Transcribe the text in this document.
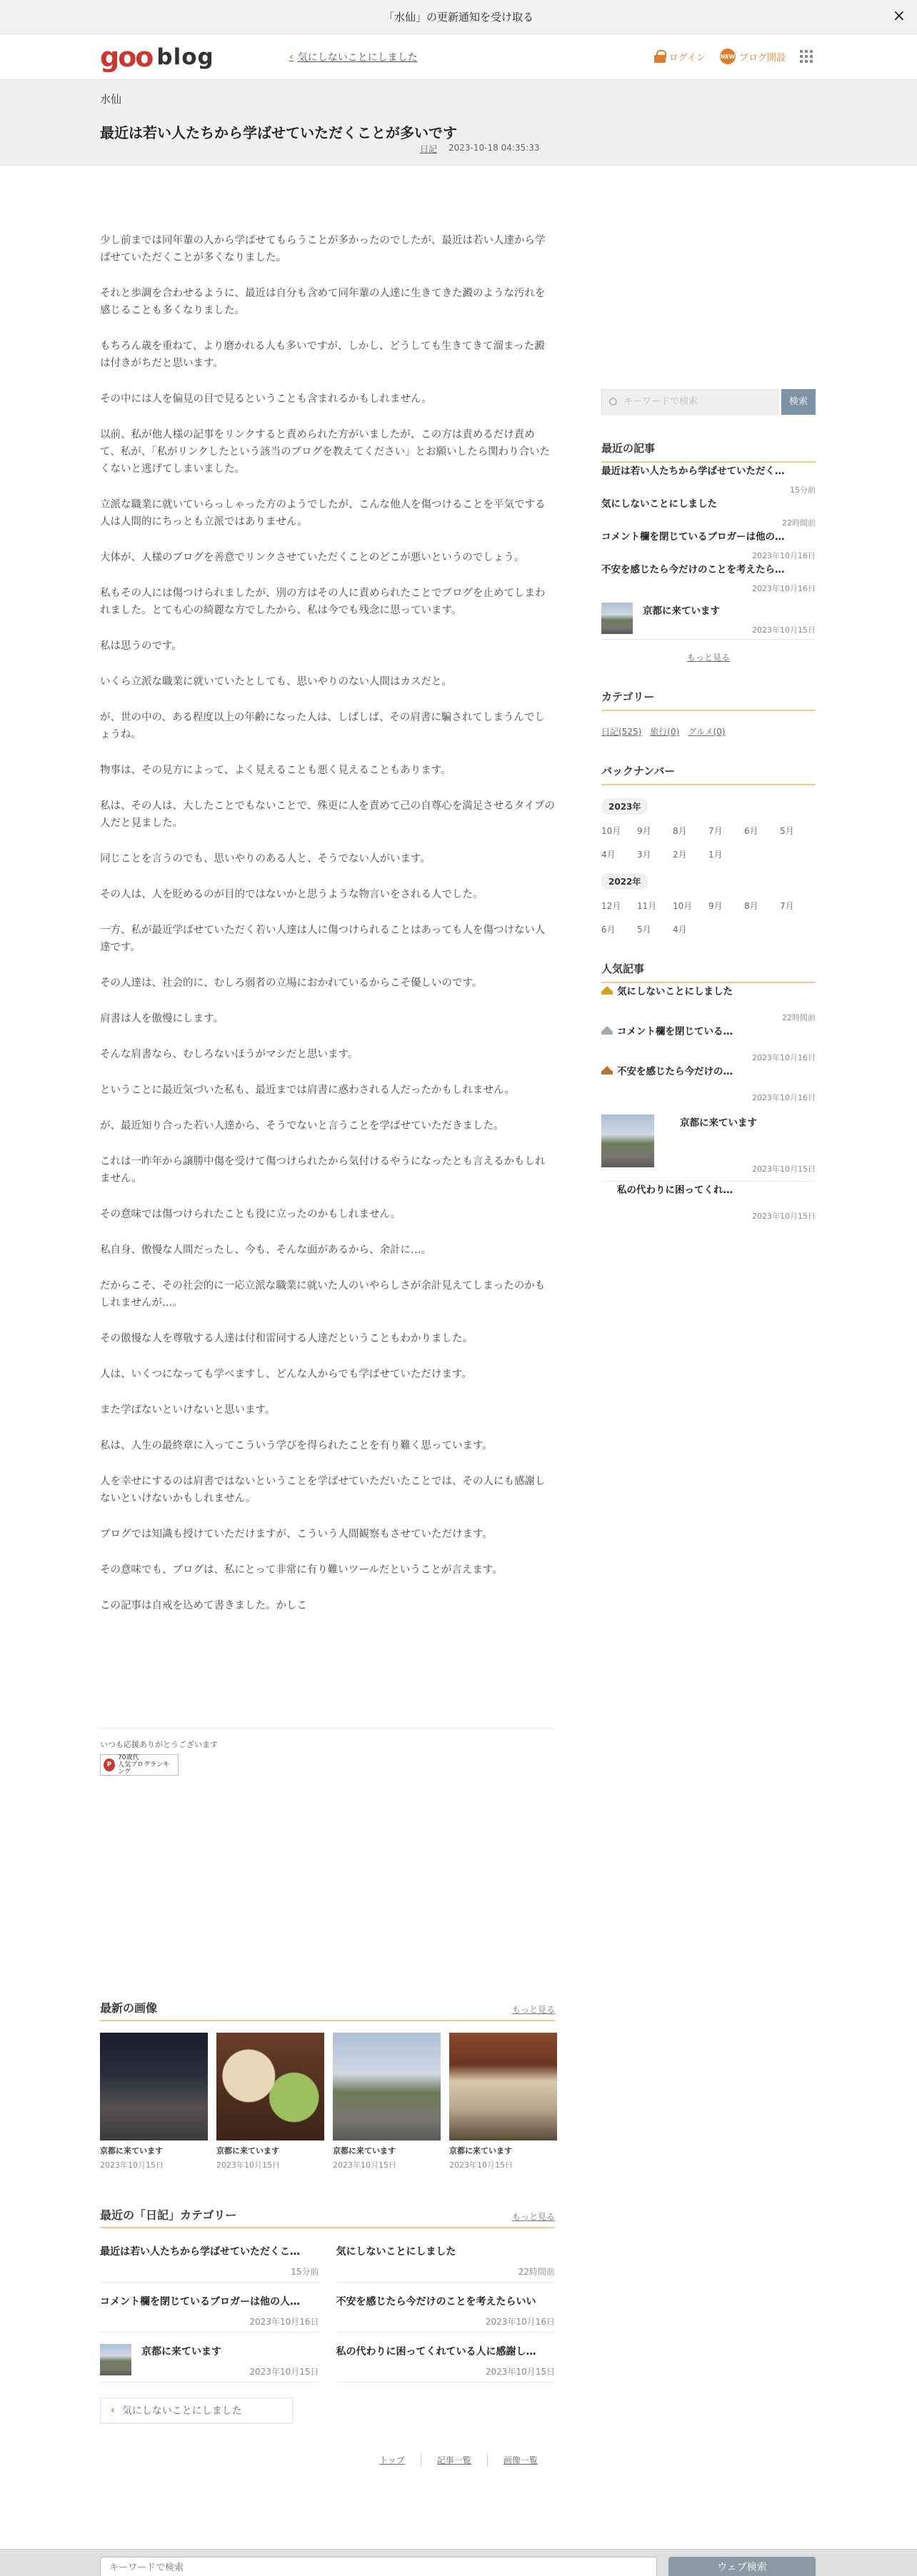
「水仙」の更新通知を受け取る	×
goo blog	‹ 気にしないことにしました	ログイン	NEW ブログ開設
水仙
最近は若い人たちから学ばせていただくことが多いです
日記 2023-10-18 04:35:33

少し前までは同年輩の人から学ばせてもらうことが多かったのでしたが、最近は若い人達から学ばせていただくことが多くなりました。

それと歩調を合わせるように、最近は自分も含めて同年輩の人達に生きてきた澱のような汚れを感じることも多くなりました。

もちろん歳を重ねて、より磨かれる人も多いですが、しかし、どうしても生きてきて溜まった澱は付きがちだと思います。

その中には人を偏見の目で見るということも含まれるかもしれません。

以前、私が他人様の記事をリンクすると責められた方がいましたが、この方は責めるだけ責めて、私が、「私がリンクしたという該当のブログを教えてください」とお願いしたら関わり合いたくないと逃げてしまいました。

立派な職業に就いていらっしゃった方のようでしたが、こんな他人を傷つけることを平気でする人は人間的にちっとも立派ではありません。

大体が、人様のブログを善意でリンクさせていただくことのどこが悪いというのでしょう。

私もその人には傷つけられましたが、別の方はその人に責められたことでブログを止めてしまわれました。とても心の綺麗な方でしたから、私は今でも残念に思っています。

私は思うのです。

いくら立派な職業に就いていたとしても、思いやりのない人間はカスだと。

が、世の中の、ある程度以上の年齢になった人は、しばしば、その肩書に騙されてしまうんでしょうね。

物事は、その見方によって、よく見えることも悪く見えることもあります。

私は、その人は、大したことでもないことで、殊更に人を責めて己の自尊心を満足させるタイプの人だと見ました。

同じことを言うのでも、思いやりのある人と、そうでない人がいます。

その人は、人を貶めるのが目的ではないかと思うような物言いをされる人でした。

一方、私が最近学ばせていただく若い人達は人に傷つけられることはあっても人を傷つけない人達です。

その人達は、社会的に、むしろ弱者の立場におかれているからこそ優しいのです。

肩書は人を傲慢にします。

そんな肩書なら、むしろないほうがマシだと思います。

ということに最近気づいた私も、最近までは肩書に惑わされる人だったかもしれません。

が、最近知り合った若い人達から、そうでないと言うことを学ばせていただきました。

これは一昨年から譲勝中傷を受けて傷つけられたから気付けるやうになったとも言えるかもしれません。

その意味では傷つけられたことも役に立ったのかもしれません。

私自身、傲慢な人間だったし、今も、そんな面があるから、余計に…。

だからこそ、その社会的に一応立派な職業に就いた人のいやらしさが余計見えてしまったのかもしれませんが…。

その傲慢な人を尊敬する人達は付和雷同する人達だということもわかりました。

人は、いくつになっても学べますし、どんな人からでも学ばせていただけます。

また学ばないといけないと思います。

私は、人生の最終章に入ってこういう学びを得られたことを有り難く思っています。

人を幸せにするのは肩書ではないということを学ばせていただいたことでは、その人にも感謝しないといけないかもしれません。

ブログでは知識も授けていただけますが、こういう人間観察もさせていただけます。

その意味でも、ブログは、私にとって非常に有り難いツールだということが言えます。

この記事は自戒を込めて書きました。かしこ

いつも応援ありがとうございます
P
70歳代
人気ブログランキング
最新の画像	もっと見る
京都に来ています
2023年10月15日
京都に来ています
2023年10月15日
京都に来ています
2023年10月15日
京都に来ています
2023年10月15日
最近の「日記」カテゴリー	もっと見る
最近は若い人たちから学ばせていただくこ…
15分前
気にしないことにしました
22時間前
コメント欄を閉じているブロガーは他の人…
2023年10月16日
不安を感じたら今だけのことを考えたらいい
2023年10月16日
京都に来ています
2023年10月15日
私の代わりに困ってくれている人に感謝し…
2023年10月15日
‹ 気にしないことにしました
トップ	記事一覧	画像一覧
キーワードで検索
ウェブ検索
キーワードで検索	検索
最近の記事
最近は若い人たちから学ばせていただく…
15分前
気にしないことにしました
22時間前
コメント欄を閉じているブロガーは他の…
2023年10月16日
不安を感じたら今だけのことを考えたら…
2023年10月16日
京都に来ています
2023年10月15日
もっと見る
カテゴリー
日記(525) 旅行(0) グルメ(0)
バックナンバー
2023年
10月	9月	8月	7月	6月	5月
4月	3月	2月	1月
2022年
12月	11月	10月	9月	8月	7月
6月	5月	4月
人気記事
気にしないことにしました
22時間前
コメント欄を閉じている…
2023年10月16日
不安を感じたら今だけの…
2023年10月16日
京都に来ています
2023年10月15日
私の代わりに困ってくれ…
2023年10月15日
